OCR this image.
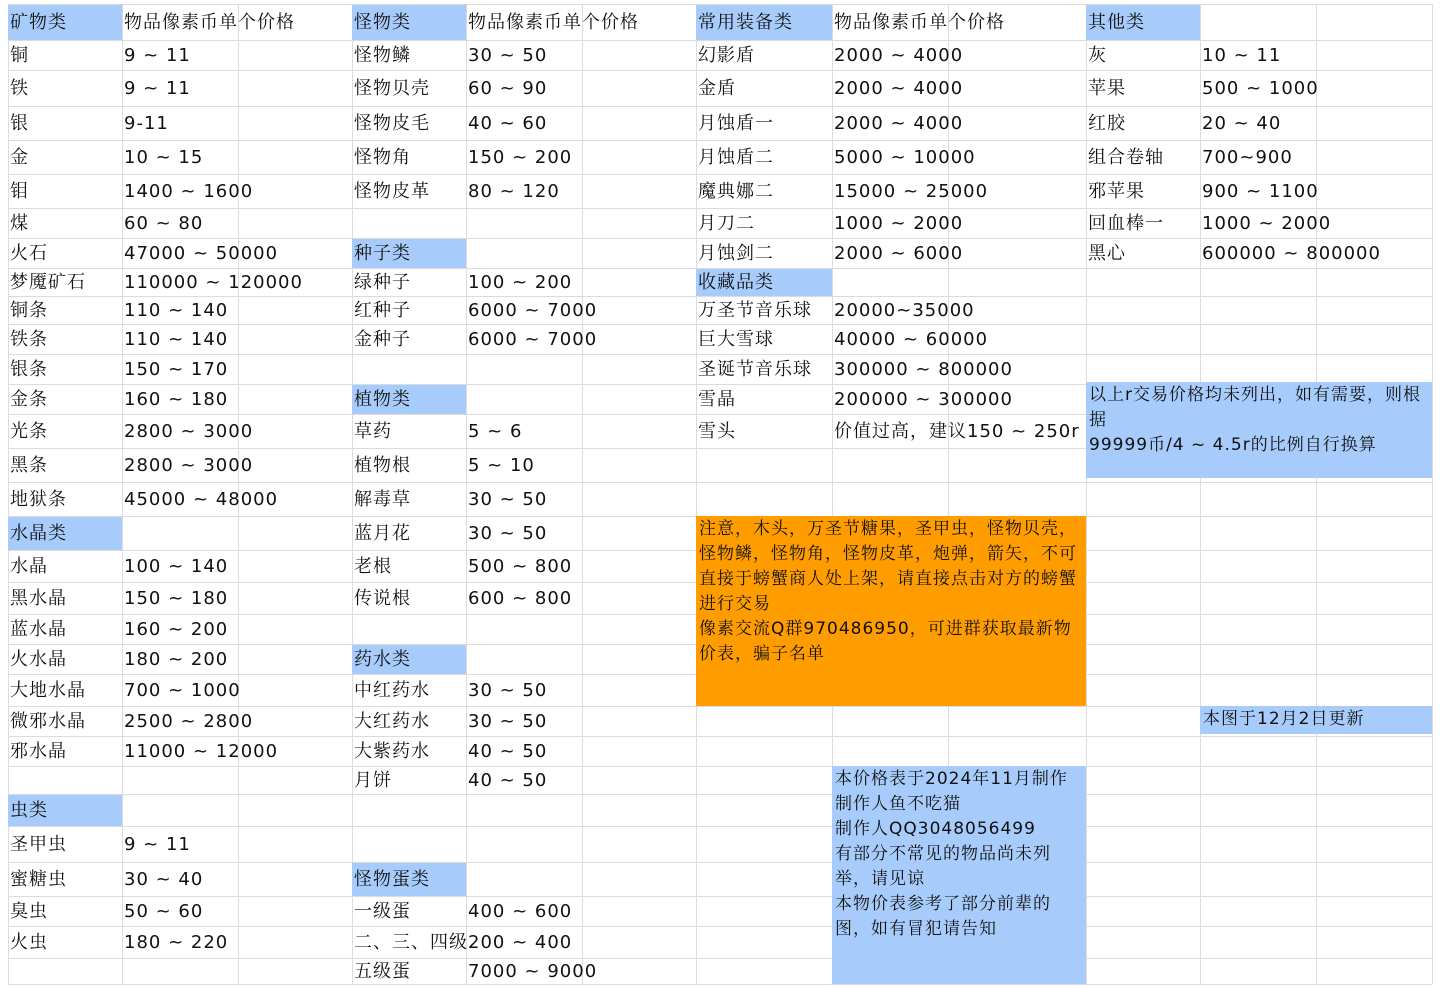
矿物类	物品像素币单个价格	怪物类	物品像素币单个价格	常用装备类	物品像素币单个价格	其他类
水晶类
虫类
种子类
植物类
药水类
怪物蛋类
收藏品类
铜	9 ~ 11
铁	9 ~ 11
银	9-11
金	10 ~ 15
钼	1400 ~ 1600
煤	60 ~ 80
火石	47000 ~ 50000
梦魇矿石	110000 ~ 120000
铜条	110 ~ 140
铁条	110 ~ 140
银条	150 ~ 170
金条	160 ~ 180
光条	2800 ~ 3000
黑条	2800 ~ 3000
地狱条	45000 ~ 48000
水晶	100 ~ 140
黑水晶	150 ~ 180
蓝水晶	160 ~ 200
火水晶	180 ~ 200
大地水晶	700 ~ 1000
微邪水晶	2500 ~ 2800
邪水晶	11000 ~ 12000
圣甲虫	9 ~ 11
蜜糖虫	30 ~ 40
臭虫	50 ~ 60
火虫	180 ~ 220
怪物鳞	30 ~ 50
怪物贝壳	60 ~ 90
怪物皮毛	40 ~ 60
怪物角	150 ~ 200
怪物皮革	80 ~ 120
绿种子	100 ~ 200
红种子	6000 ~ 7000
金种子	6000 ~ 7000
草药	5 ~ 6
植物根	5 ~ 10
解毒草	30 ~ 50
蓝月花	30 ~ 50
老根	500 ~ 800
传说根	600 ~ 800
中红药水	30 ~ 50
大红药水	30 ~ 50
大紫药水	40 ~ 50
月饼	40 ~ 50
一级蛋	400 ~ 600
二、三、四级 200 ~ 400
五级蛋	7000 ~ 9000
幻影盾	2000 ~ 4000
金盾	2000 ~ 4000
月蚀盾一	2000 ~ 4000
月蚀盾二	5000 ~ 10000
魔典娜二	15000 ~ 25000
月刀二	1000 ~ 2000
月蚀剑二	2000 ~ 6000
万圣节音乐球	20000~35000
巨大雪球	40000 ~ 60000
圣诞节音乐球	300000 ~ 800000
雪晶	200000 ~ 300000
雪头	价值过高，建议150 ~ 250r
灰	10 ~ 11
苹果	500 ~ 1000
红胶	20 ~ 40
组合卷轴	700~900
邪苹果	900 ~ 1100
回血棒一	1000 ~ 2000
黑心	600000 ~ 800000
以上r交易价格均未列出，如有需要，则根据
99999币/4 ~ 4.5r的比例自行换算
注意，木头，万圣节糖果，圣甲虫，怪物贝壳，怪物鳞，怪物角，怪物皮革，炮弹，箭矢，不可直接于螃蟹商人处上架，请直接点击对方的螃蟹进行交易
像素交流Q群970486950，可进群获取最新物价表，骗子名单
本图于12月2日更新
本价格表于2024年11月制作
制作人鱼不吃猫
制作人QQ3048056499
有部分不常见的物品尚未列举，请见谅
本物价表参考了部分前辈的图，如有冒犯请告知
